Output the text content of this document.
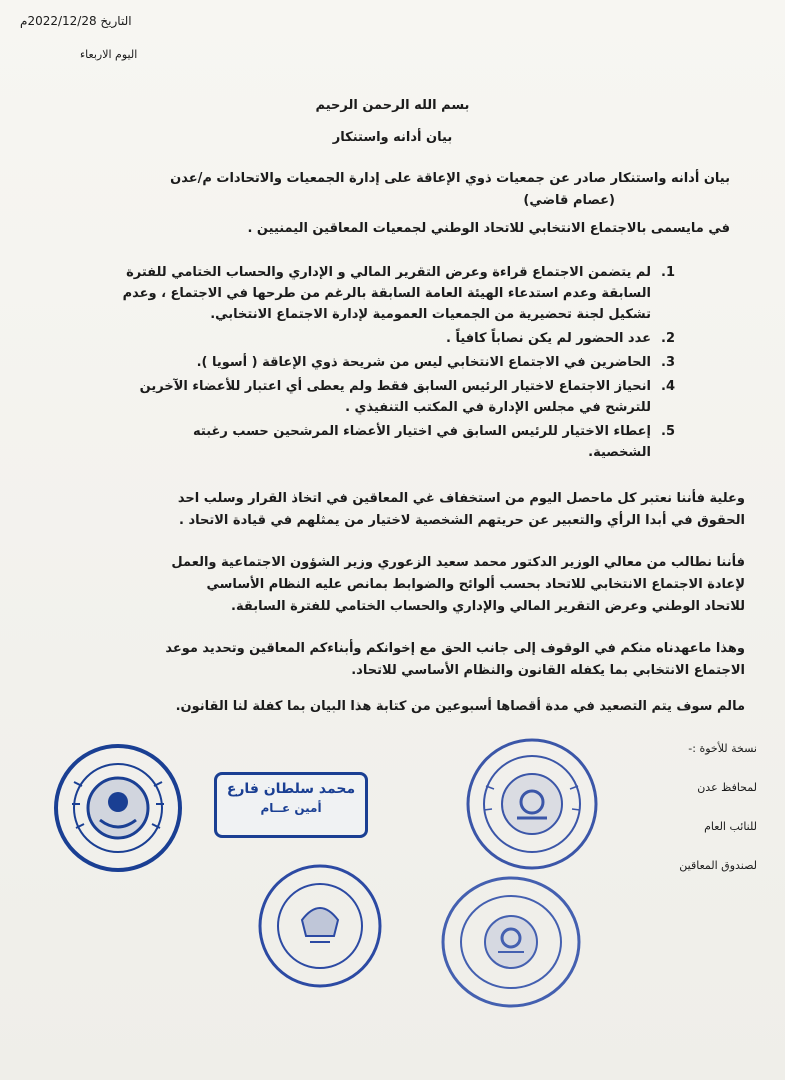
التاريخ 2022/12/28م
اليوم الاربعاء
بسم الله الرحمن الرحيم
بيان أدانه واستنكار
بيان أدانه واستنكار صادر عن جمعيات ذوي الإعاقة على إدارة الجمعيات والاتحادات م/عدن
(عصام قاضي)
في مايسمى بالاجتماع الانتخابي للاتحاد الوطني لجمعيات المعاقين اليمنيين .
1.
لم يتضمن الاجتماع قراءة وعرض التقرير المالي و الإداري والحساب الختامي للفترة
السابقة وعدم استدعاء الهيئة العامة السابقة بالرغم من طرحها في الاجتماع ، وعدم
تشكيل لجنة تحضيرية من الجمعيات العمومية لإدارة الاجتماع الانتخابي.
2.
عدد الحضور لم يكن نصاباً كافياً .
3.
الحاضرين في الاجتماع الانتخابي ليس من شريحة ذوي الإعاقة ( أسويا ).
4.
انحياز الاجتماع لاختيار الرئيس السابق فقط ولم يعطى أي اعتبار للأعضاء الآخرين
للترشح في مجلس الإدارة في المكتب التنفيذي .
5.
إعطاء الاختيار للرئيس السابق في اختيار الأعضاء المرشحين حسب رغبته
الشخصية.
وعلية فأننا نعتبر كل ماحصل اليوم من استخفاف غي المعاقين في اتخاذ القرار وسلب احد
الحقوق في أبدا الرأي والتعبير عن حريتهم الشخصية لاختيار من يمثلهم في قيادة الاتحاد .
فأننا نطالب من معالي الوزير الدكتور محمد سعيد الزعوري وزير الشؤون الاجتماعية والعمل
لإعادة الاجتماع الانتخابي للاتحاد بحسب ألوائح والضوابط بمانص عليه النظام الأساسي
للاتحاد الوطني وعرض التقرير المالي والإداري والحساب الختامي للفترة السابقة.
وهذا ماعهدناه منكم في الوقوف إلى جانب الحق مع إخوانكم وأبناءكم المعاقين وتحديد موعد
الاجتماع الانتخابي بما يكفله القانون والنظام الأساسي للاتحاد.
مالم سوف يتم التصعيد في مدة أقصاها أسبوعين من كتابة هذا البيان بما كفلة لنا القانون.
نسخة للأخوة :-
لمحافظ عدن
للنائب العام
لصندوق المعاقين
محمد سلطان فارع
أمين عــام
